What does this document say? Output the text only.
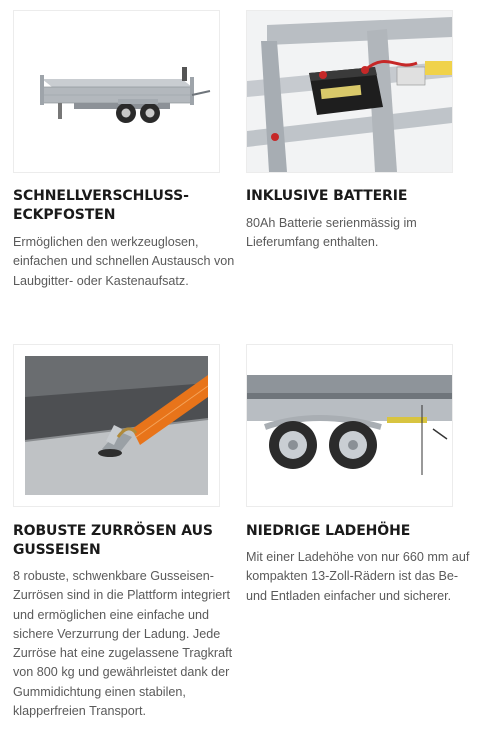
SCHNELLVERSCHLUSS-
ECKPFOSTEN
Ermöglichen den werkzeuglosen, einfachen und schnellen Austausch von Laubgitter- oder Kastenaufsatz.
INKLUSIVE BATTERIE
80Ah Batterie serienmässig im Lieferumfang enthalten.
ROBUSTE ZURRÖSEN AUS
GUSSEISEN
8 robuste, schwenkbare Gusseisen-Zurrösen sind in die Plattform integriert und ermöglichen eine einfache und sichere Verzurrung der Ladung. Jede Zurröse hat eine zugelassene Tragkraft von 800 kg und gewährleistet dank der Gummidichtung einen stabilen, klapperfreien Transport.
NIEDRIGE LADEHÖHE
Mit einer Ladehöhe von nur 660 mm auf kompakten 13-Zoll-Rädern ist das Be- und Entladen einfacher und sicherer.
